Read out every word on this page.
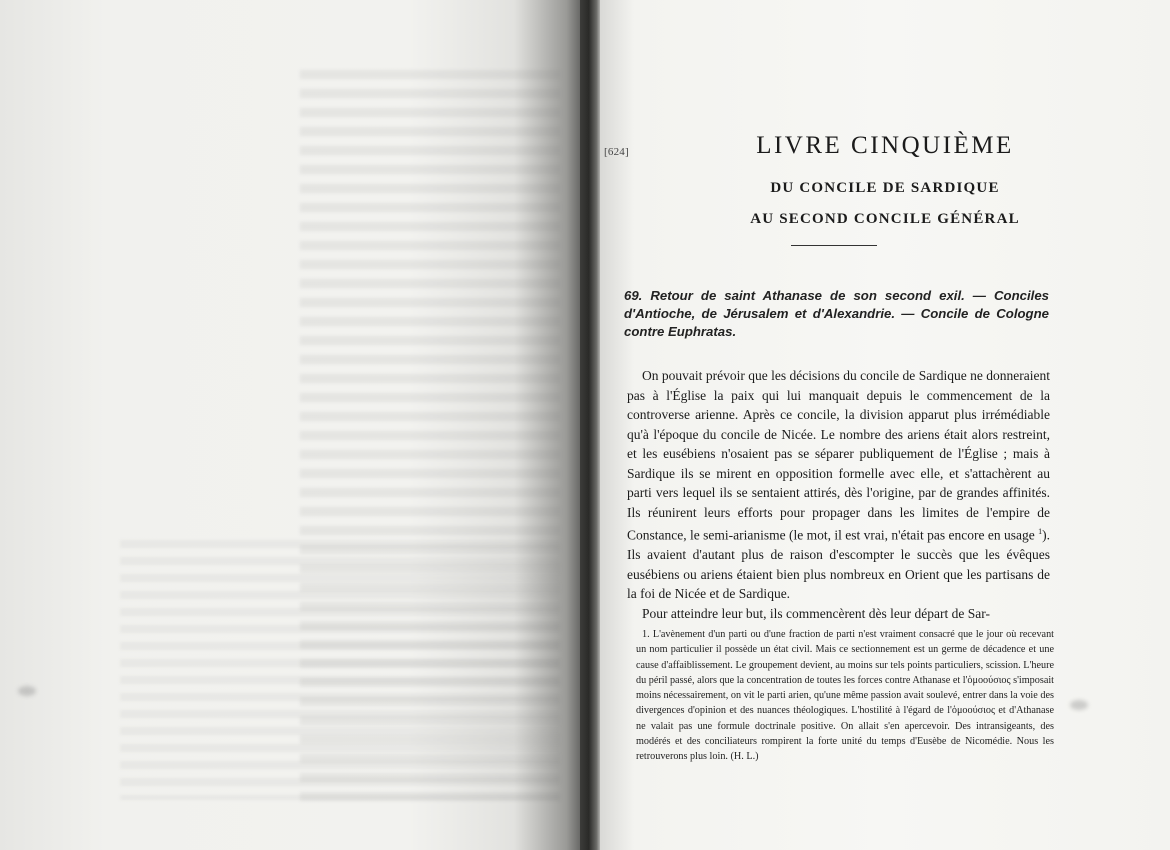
[624]	LIVRE CINQUIÈME
DU CONCILE DE SARDIQUE
AU SECOND CONCILE GÉNÉRAL
69. Retour de saint Athanase de son second exil. — Conciles d'Antioche, de Jérusalem et d'Alexandrie. — Concile de Cologne contre Euphratas.

On pouvait prévoir que les décisions du concile de Sardique ne donneraient pas à l'Église la paix qui lui manquait depuis le commencement de la controverse arienne. Après ce concile, la division apparut plus irrémédiable qu'à l'époque du concile de Nicée. Le nombre des ariens était alors restreint, et les eusébiens n'osaient pas se séparer publiquement de l'Église ; mais à Sardique ils se mirent en opposition formelle avec elle, et s'attachèrent au parti vers lequel ils se sentaient attirés, dès l'origine, par de grandes affinités. Ils réunirent leurs efforts pour propager dans les limites de l'empire de Constance, le semi-arianisme (le mot, il est vrai, n'était pas encore en usage $^1$). Ils avaient d'autant plus de raison d'escompter le succès que les évêques eusébiens ou ariens étaient bien plus nombreux en Orient que les partisans de la foi de Nicée et de Sardique.

Pour atteindre leur but, ils commencèrent dès leur départ de Sar-

1. L'avènement d'un parti ou d'une fraction de parti n'est vraiment consacré que le jour où recevant un nom particulier il possède un état civil. Mais ce sectionnement est un germe de décadence et une cause d'affaiblissement. Le groupement devient, au moins sur tels points particuliers, scission. L'heure du péril passé, alors que la concentration de toutes les forces contre Athanase et l'ὁμοούσιος s'imposait moins nécessairement, on vit le parti arien, qu'une même passion avait soulevé, entrer dans la voie des divergences d'opinion et des nuances théologiques. L'hostilité à l'égard de l'ὁμοούσιος et d'Athanase ne valait pas une formule doctrinale positive. On allait s'en apercevoir. Des intransigeants, des modérés et des conciliateurs rompirent la forte unité du temps d'Eusèbe de Nicomédie. Nous les retrouverons plus loin. (H. L.)
